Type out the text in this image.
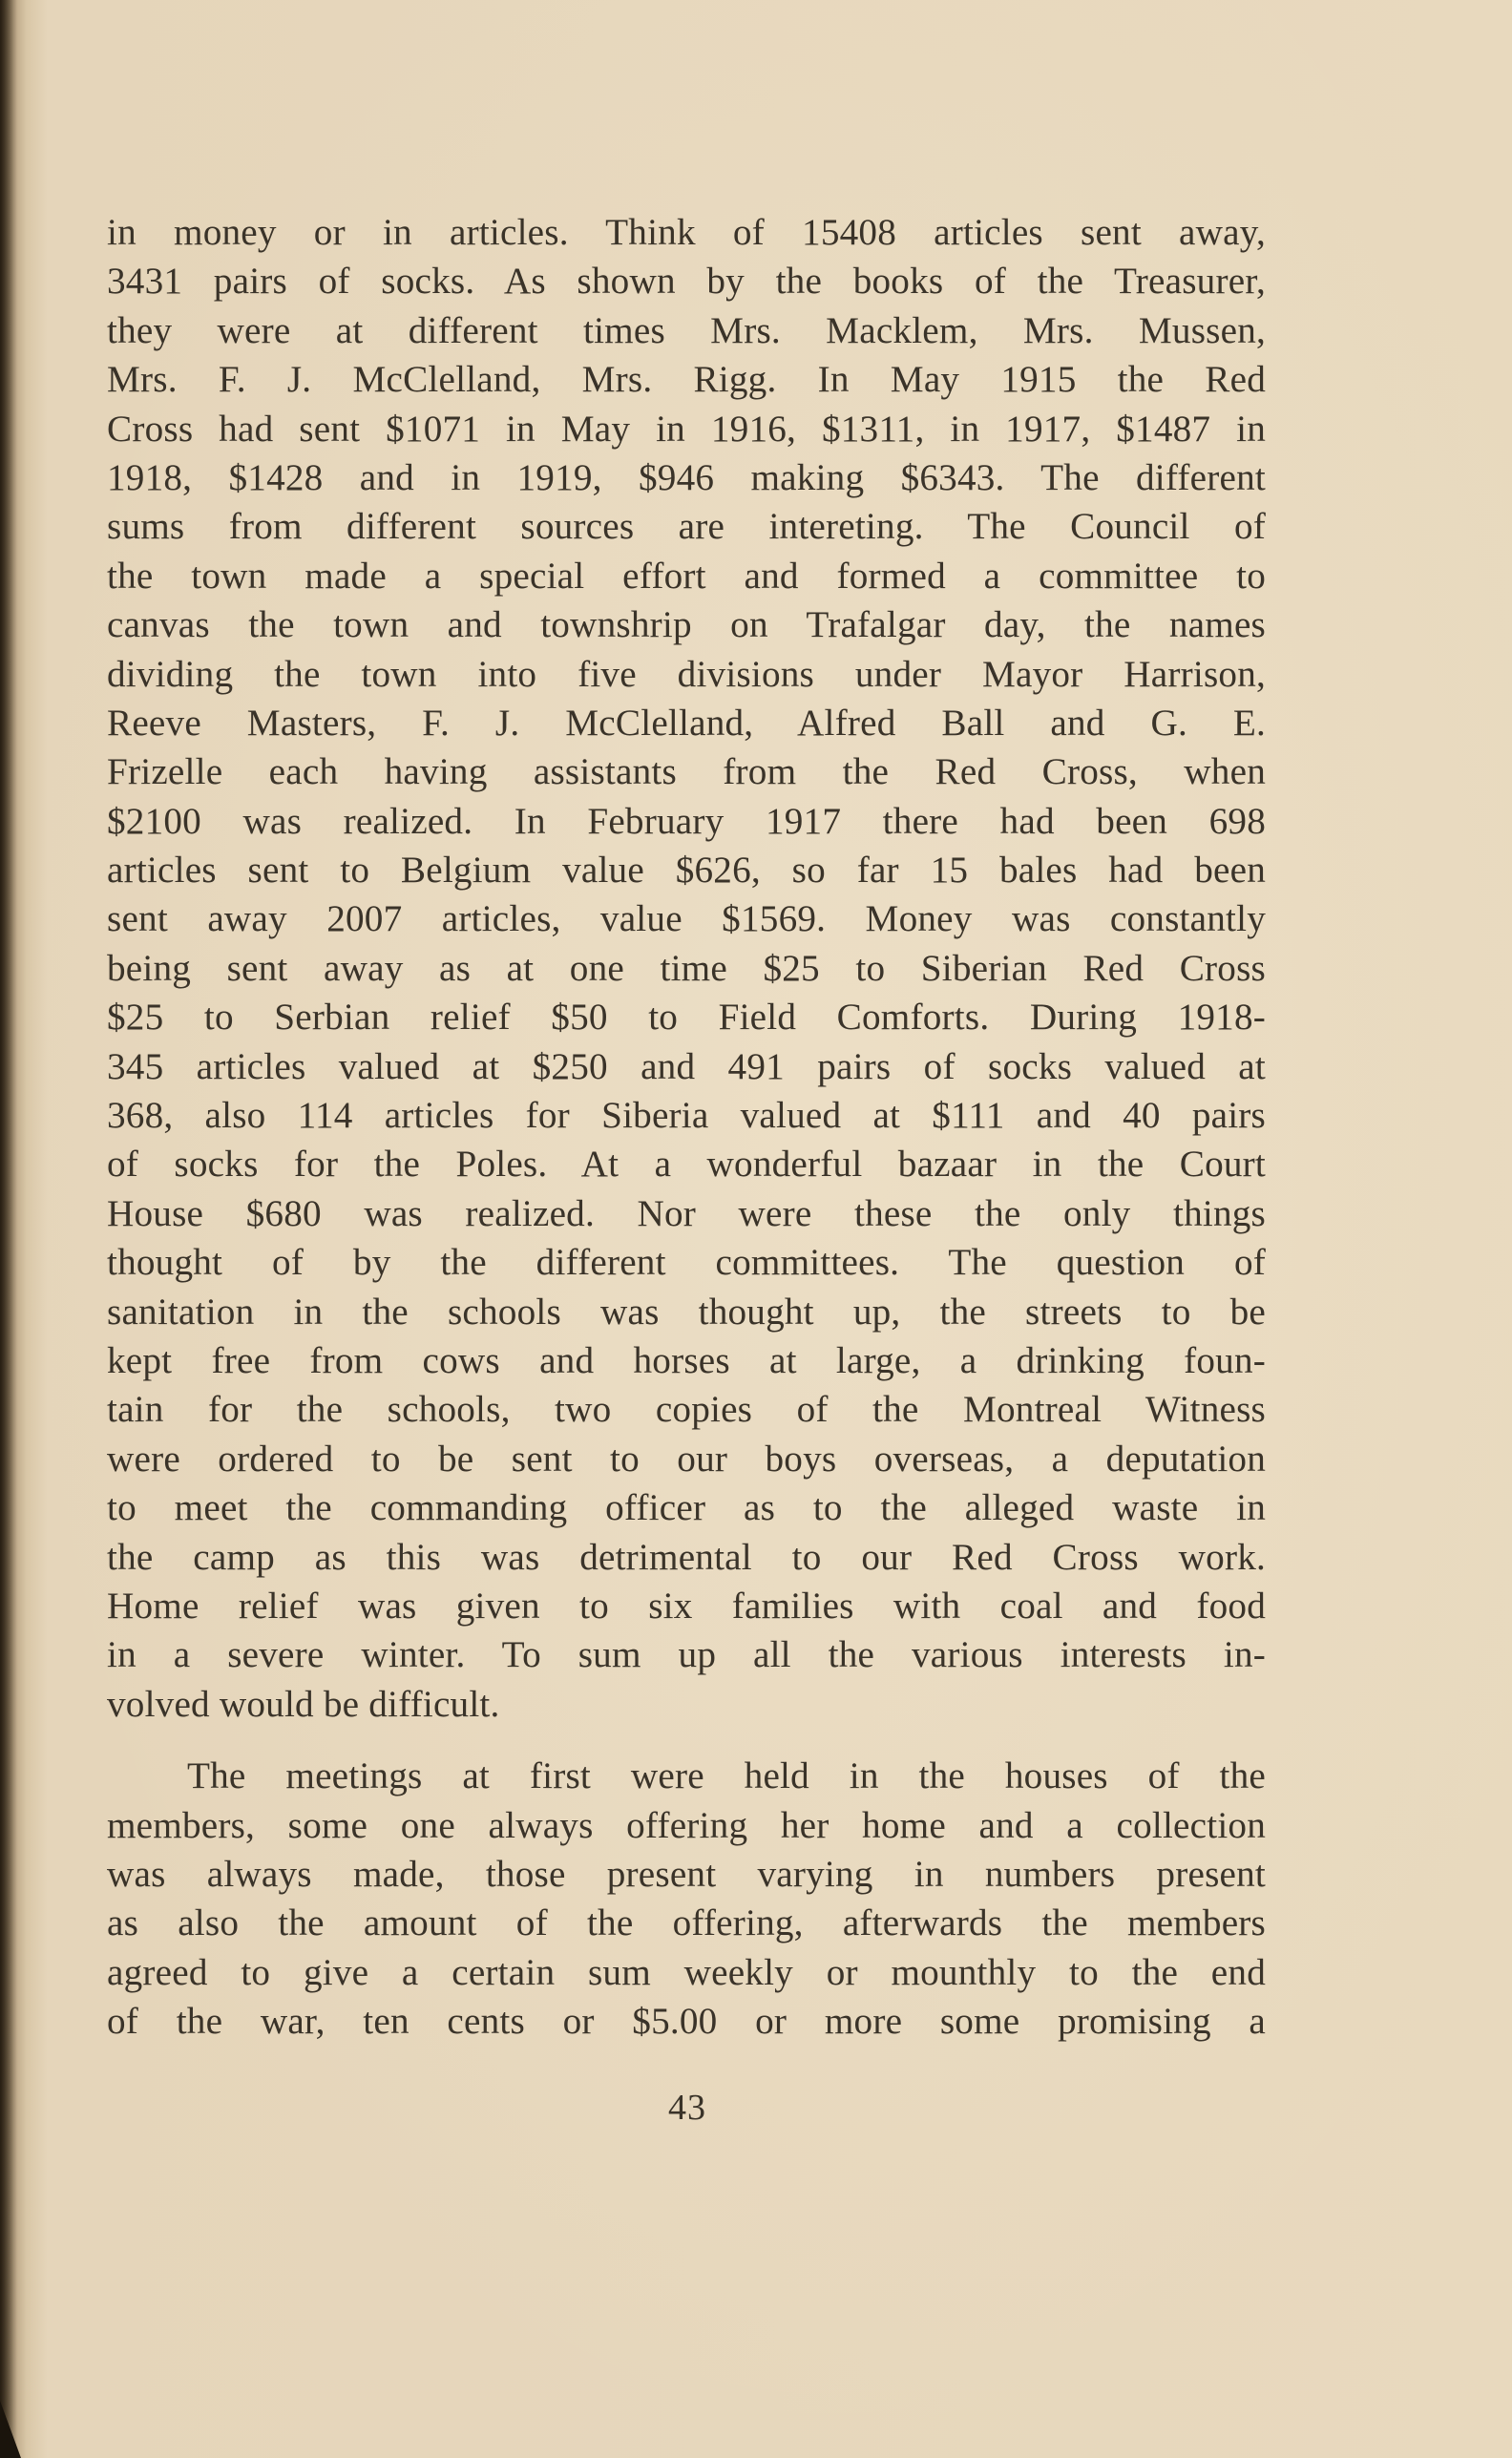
in money or in articles. Think of 15408 articles sent away,
3431 pairs of socks. As shown by the books of the Treasurer,
they were at different times Mrs. Macklem, Mrs. Mussen,
Mrs. F. J. McClelland, Mrs. Rigg. In May 1915 the Red
Cross had sent $1071 in May in 1916, $1311, in 1917, $1487 in
1918, $1428 and in 1919, $946 making $6343. The different
sums from different sources are intereting. The Council of
the town made a special effort and formed a committee to
canvas the town and townshrip on Trafalgar day, the names
dividing the town into five divisions under Mayor Harrison,
Reeve Masters, F. J. McClelland, Alfred Ball and G. E.
Frizelle each having assistants from the Red Cross, when
$2100 was realized. In February 1917 there had been 698
articles sent to Belgium value $626, so far 15 bales had been
sent away 2007 articles, value $1569. Money was constantly
being sent away as at one time $25 to Siberian Red Cross
$25 to Serbian relief $50 to Field Comforts. During 1918-
345 articles valued at $250 and 491 pairs of socks valued at
368, also 114 articles for Siberia valued at $111 and 40 pairs
of socks for the Poles. At a wonderful bazaar in the Court
House $680 was realized. Nor were these the only things
thought of by the different committees. The question of
sanitation in the schools was thought up, the streets to be
kept free from cows and horses at large, a drinking foun-
tain for the schools, two copies of the Montreal Witness
were ordered to be sent to our boys overseas, a deputation
to meet the commanding officer as to the alleged waste in
the camp as this was detrimental to our Red Cross work.
Home relief was given to six families with coal and food
in a severe winter. To sum up all the various interests in-
volved would be difficult.
The meetings at first were held in the houses of the
members, some one always offering her home and a collection
was always made, those present varying in numbers present
as also the amount of the offering, afterwards the members
agreed to give a certain sum weekly or mounthly to the end
of the war, ten cents or $5.00 or more some promising a
43
